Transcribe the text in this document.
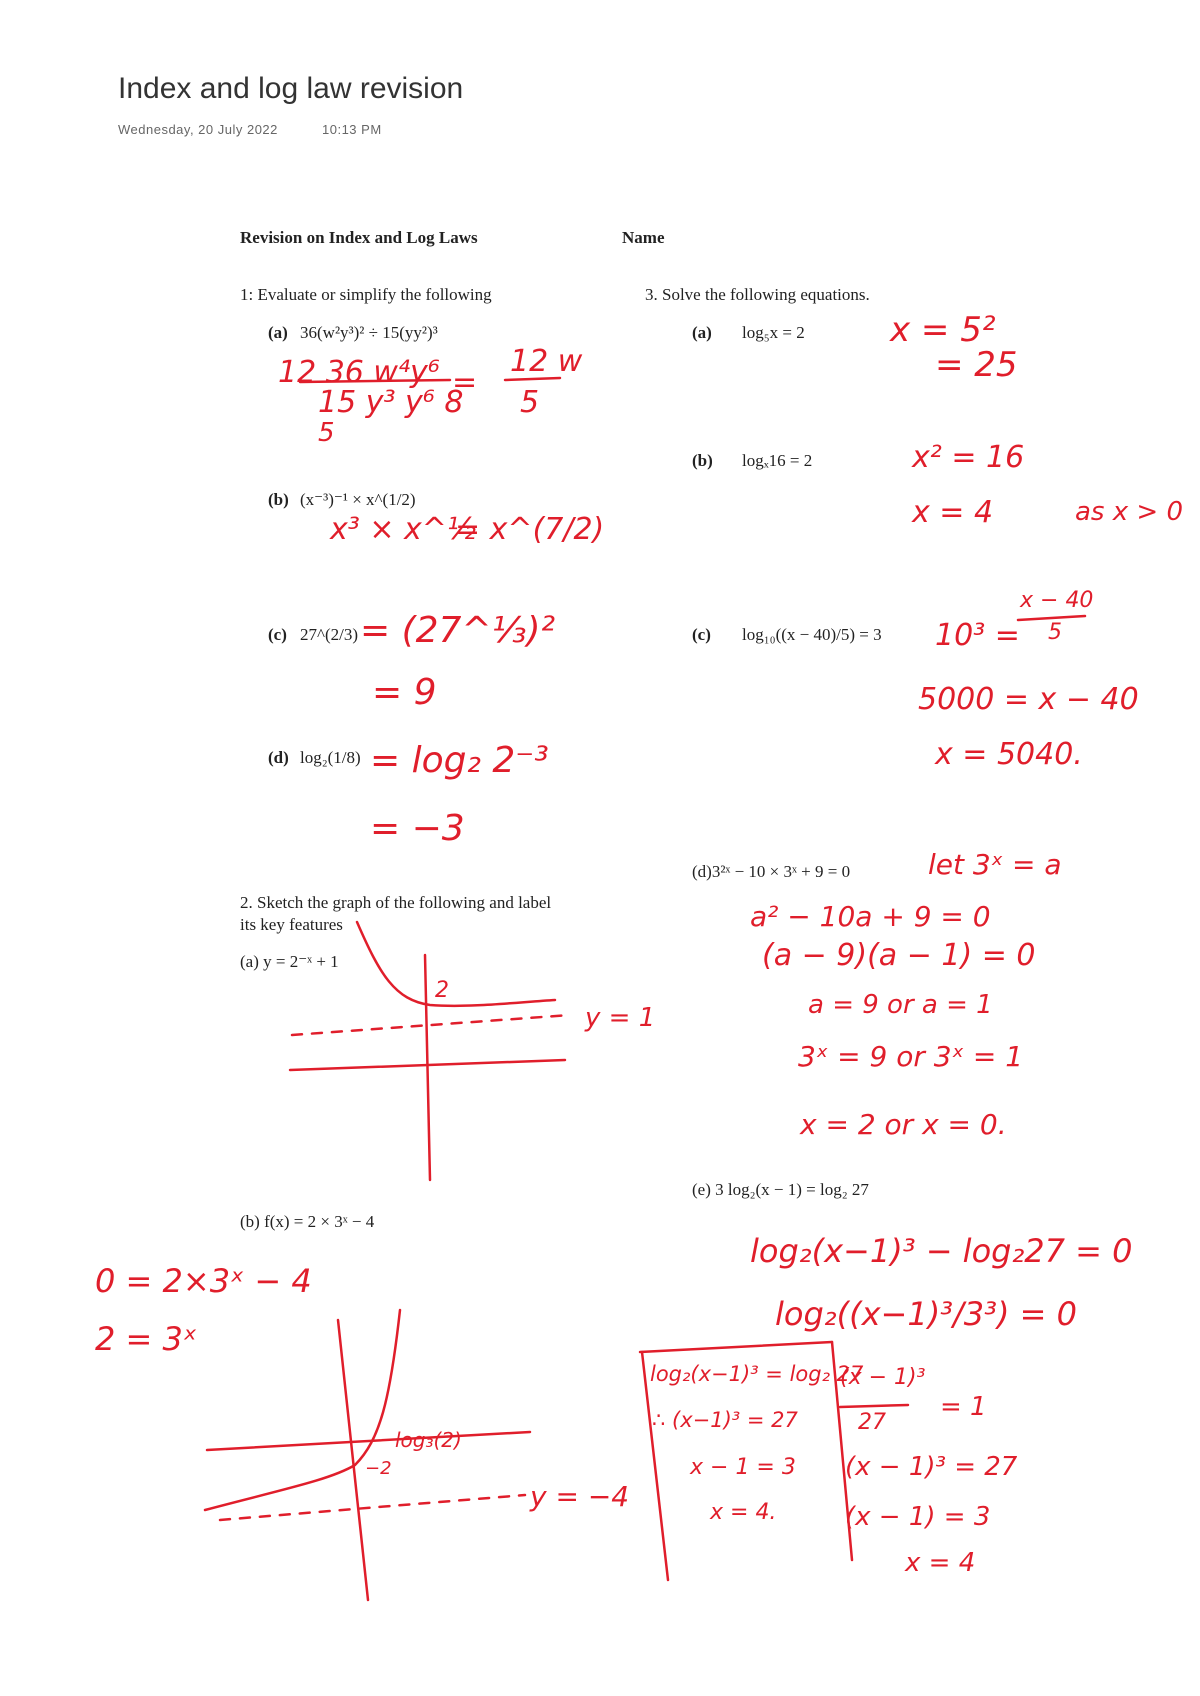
Index and log law revision
Wednesday, 20 July 2022	10:13 PM
Revision on Index and Log Laws	Name
1: Evaluate or simplify the following
(a) 36(w²y³)² ÷ 15(yy²)³
(b) (x⁻³)⁻¹ × x^(1/2)
(c) 27^(2/3)
(d) log₂(1/8)
2. Sketch the graph of the following and label
its key features
(a) y = 2⁻ˣ + 1
(b) f(x) = 2 × 3ˣ − 4
3. Solve the following equations.
(a) log₅x = 2
(b) logₓ16 = 2
(c) log₁₀((x − 40)/5) = 3
(d)3²ˣ − 10 × 3ˣ + 9 = 0
(e) 3 log₂(x − 1) = log₂ 27
12 36 w⁴y⁶
15 y³ y⁶ 8
=
12 w
5
5
x³ × x^½
= x^(7/2)
= (27^⅓)²
= 9
= log₂ 2⁻³
= −3
2
y = 1
0 = 2×3ˣ − 4
2 = 3ˣ
log₃(2)
−2
y = −4
x = 5²
= 25
x² = 16
x = 4	as x > 0
10³ =
x − 40
5
5000 = x − 40
x = 5040.
let 3ˣ = a
a² − 10a + 9 = 0
(a − 9)(a − 1) = 0
a = 9 or a = 1
3ˣ = 9 or 3ˣ = 1
x = 2 or x = 0.
log₂(x−1)³ − log₂27 = 0
log₂((x−1)³/3³) = 0
log₂(x−1)³ = log₂ 27
∴ (x−1)³ = 27
x − 1 = 3
x = 4.
(x − 1)³
27
= 1
(x − 1)³ = 27
(x − 1) = 3
x = 4
